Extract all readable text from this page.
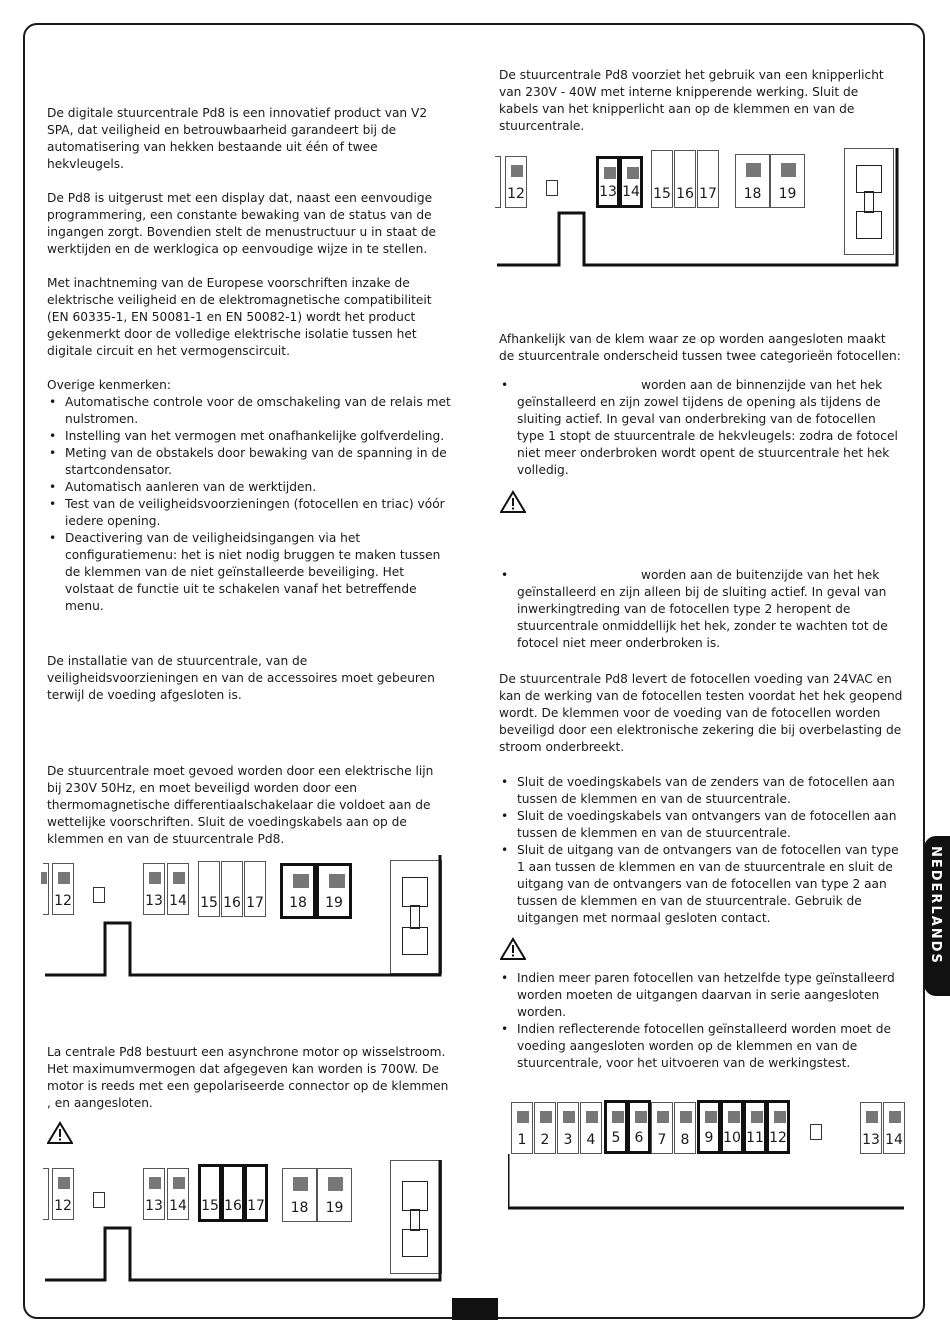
NEDERLANDS

De digitale stuurcentrale Pd8 is een innovatief product van V2 SPA, dat veiligheid en betrouwbaarheid garandeert bij de automatisering van hekken bestaande uit één of twee hekvleugels.

De Pd8 is uitgerust met een display dat, naast een eenvoudige programmering, een constante bewaking van de status van de ingangen zorgt. Bovendien stelt de menustructuur u in staat de werktijden en de werklogica op eenvoudige wijze in te stellen.

Met inachtneming van de Europese voorschriften inzake de elektrische veiligheid en de elektromagnetische compatibiliteit (EN 60335-1, EN 50081-1 en EN 50082-1) wordt het product gekenmerkt door de volledige elektrische isolatie tussen het digitale circuit en het vermogenscircuit.

Overige kenmerken:
• Automatische controle voor de omschakeling van de relais met nulstromen.
• Instelling van het vermogen met onafhankelijke golfverdeling.
• Meting van de obstakels door bewaking van de spanning in de startcondensator.
• Automatisch aanleren van de werktijden.
• Test van de veiligheidsvoorzieningen (fotocellen en triac) vóór iedere opening.
• Deactivering van de veiligheidsingangen via het configuratiemenu: het is niet nodig bruggen te maken tussen de klemmen van de niet geïnstalleerde beveiliging. Het volstaat de functie uit te schakelen vanaf het betreffende menu.
De installatie van de stuurcentrale, van de veiligheidsvoorzieningen en van de accessoires moet gebeuren terwijl de voeding afgesloten is.
De stuurcentrale moet gevoed worden door een elektrische lijn bij 230V 50Hz, en moet beveiligd worden door een thermomagnetische differentiaalschakelaar die voldoet aan de wettelijke voorschriften. Sluit de voedingskabels aan op de klemmen en van de stuurcentrale Pd8.
La centrale Pd8 bestuurt een asynchrone motor op wisselstroom. Het maximumvermogen dat afgegeven kan worden is 700W. De motor is reeds met een gepolariseerde connector op de klemmen , en aangesloten.
De stuurcentrale Pd8 voorziet het gebruik van een knipperlicht van 230V - 40W met interne knipperende werking. Sluit de kabels van het knipperlicht aan op de klemmen en van de stuurcentrale.
Afhankelijk van de klem waar ze op worden aangesloten maakt de stuurcentrale onderscheid tussen twee categorieën fotocellen:
• worden aan de binnenzijde van het hek geïnstalleerd en zijn zowel tijdens de opening als tijdens de sluiting actief. In geval van onderbreking van de fotocellen type 1 stopt de stuurcentrale de hekvleugels: zodra de fotocel niet meer onderbroken wordt opent de stuurcentrale het hek volledig.
• worden aan de buitenzijde van het hek geïnstalleerd en zijn alleen bij de sluiting actief. In geval van inwerkingtreding van de fotocellen type 2 heropent de stuurcentrale onmiddellijk het hek, zonder te wachten tot de fotocel niet meer onderbroken is.
De stuurcentrale Pd8 levert de fotocellen voeding van 24VAC en kan de werking van de fotocellen testen voordat het hek geopend wordt. De klemmen voor de voeding van de fotocellen worden beveiligd door een elektronische zekering die bij overbelasting de stroom onderbreekt.
• Sluit de voedingskabels van de zenders van de fotocellen aan tussen de klemmen en van de stuurcentrale.
• Sluit de voedingskabels van ontvangers van de fotocellen aan tussen de klemmen en van de stuurcentrale.
• Sluit de uitgang van de ontvangers van de fotocellen van type 1 aan tussen de klemmen en van de stuurcentrale en sluit de uitgang van de ontvangers van de fotocellen van type 2 aan tussen de klemmen en van de stuurcentrale. Gebruik de uitgangen met normaal gesloten contact.
• Indien meer paren fotocellen van hetzelfde type geïnstalleerd worden moeten de uitgangen daarvan in serie aangesloten worden.
• Indien reflecterende fotocellen geïnstalleerd worden moet de voeding aangesloten worden op de klemmen en van de stuurcentrale, voor het uitvoeren van de werkingstest.
12	13 14 15 16 17	18	19
12	13 14 15 16 17	18	19
12	13 14 15 16 17	18	19
1	2	3	4	5	6	7	8	9 10 11 12	13 14
